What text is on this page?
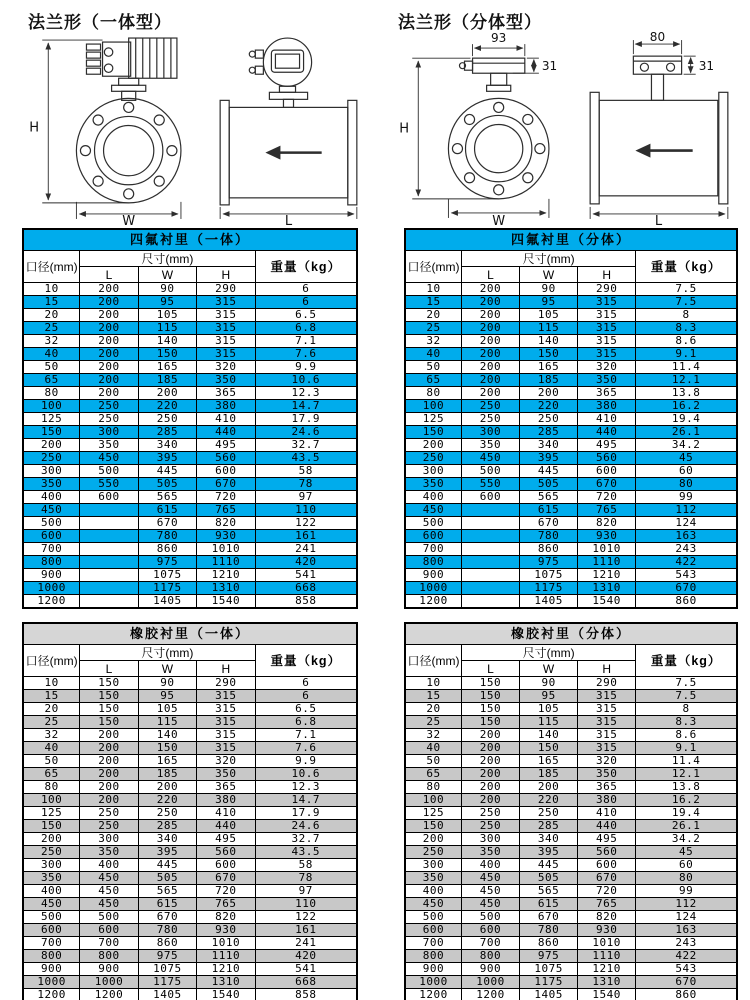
法兰形（一体型）	法兰形（分体型）
H
W	L
93
31
80
31
H
W	L
四氟衬里（一体）				
口径(mm)	尺寸(mm)			重量（kg）
	L	W	H	
10	200	90	290	6
15	200	95	315	6
20	200	105	315	6.5
25	200	115	315	6.8
32	200	140	315	7.1
40	200	150	315	7.6
50	200	165	320	9.9
65	200	185	350	10.6
80	200	200	365	12.3
100	250	220	380	14.7
125	250	250	410	17.9
150	300	285	440	24.6
200	350	340	495	32.7
250	450	395	560	43.5
300	500	445	600	58
350	550	505	670	78
400	600	565	720	97
450		615	765	110
500		670	820	122
600		780	930	161
700		860	1010	241
800		975	1110	420
900		1075	1210	541
1000		1175	1310	668
1200		1405	1540	858
四氟衬里（分体）				
口径(mm)	尺寸(mm)			重量（kg）
	L	W	H	
10	200	90	290	7.5
15	200	95	315	7.5
20	200	105	315	8
25	200	115	315	8.3
32	200	140	315	8.6
40	200	150	315	9.1
50	200	165	320	11.4
65	200	185	350	12.1
80	200	200	365	13.8
100	250	220	380	16.2
125	250	250	410	19.4
150	300	285	440	26.1
200	350	340	495	34.2
250	450	395	560	45
300	500	445	600	60
350	550	505	670	80
400	600	565	720	99
450		615	765	112
500		670	820	124
600		780	930	163
700		860	1010	243
800		975	1110	422
900		1075	1210	543
1000		1175	1310	670
1200		1405	1540	860
橡胶衬里（一体）				
口径(mm)	尺寸(mm)			重量（kg）
	L	W	H	
10	150	90	290	6
15	150	95	315	6
20	150	105	315	6.5
25	150	115	315	6.8
32	200	140	315	7.1
40	200	150	315	7.6
50	200	165	320	9.9
65	200	185	350	10.6
80	200	200	365	12.3
100	200	220	380	14.7
125	250	250	410	17.9
150	250	285	440	24.6
200	300	340	495	32.7
250	350	395	560	43.5
300	400	445	600	58
350	450	505	670	78
400	450	565	720	97
450	450	615	765	110
500	500	670	820	122
600	600	780	930	161
700	700	860	1010	241
800	800	975	1110	420
900	900	1075	1210	541
1000	1000	1175	1310	668
1200	1200	1405	1540	858
橡胶衬里（分体）				
口径(mm)	尺寸(mm)			重量（kg）
	L	W	H	
10	150	90	290	7.5
15	150	95	315	7.5
20	150	105	315	8
25	150	115	315	8.3
32	200	140	315	8.6
40	200	150	315	9.1
50	200	165	320	11.4
65	200	185	350	12.1
80	200	200	365	13.8
100	200	220	380	16.2
125	250	250	410	19.4
150	250	285	440	26.1
200	300	340	495	34.2
250	350	395	560	45
300	400	445	600	60
350	450	505	670	80
400	450	565	720	99
450	450	615	765	112
500	500	670	820	124
600	600	780	930	163
700	700	860	1010	243
800	800	975	1110	422
900	900	1075	1210	543
1000	1000	1175	1310	670
1200	1200	1405	1540	860
